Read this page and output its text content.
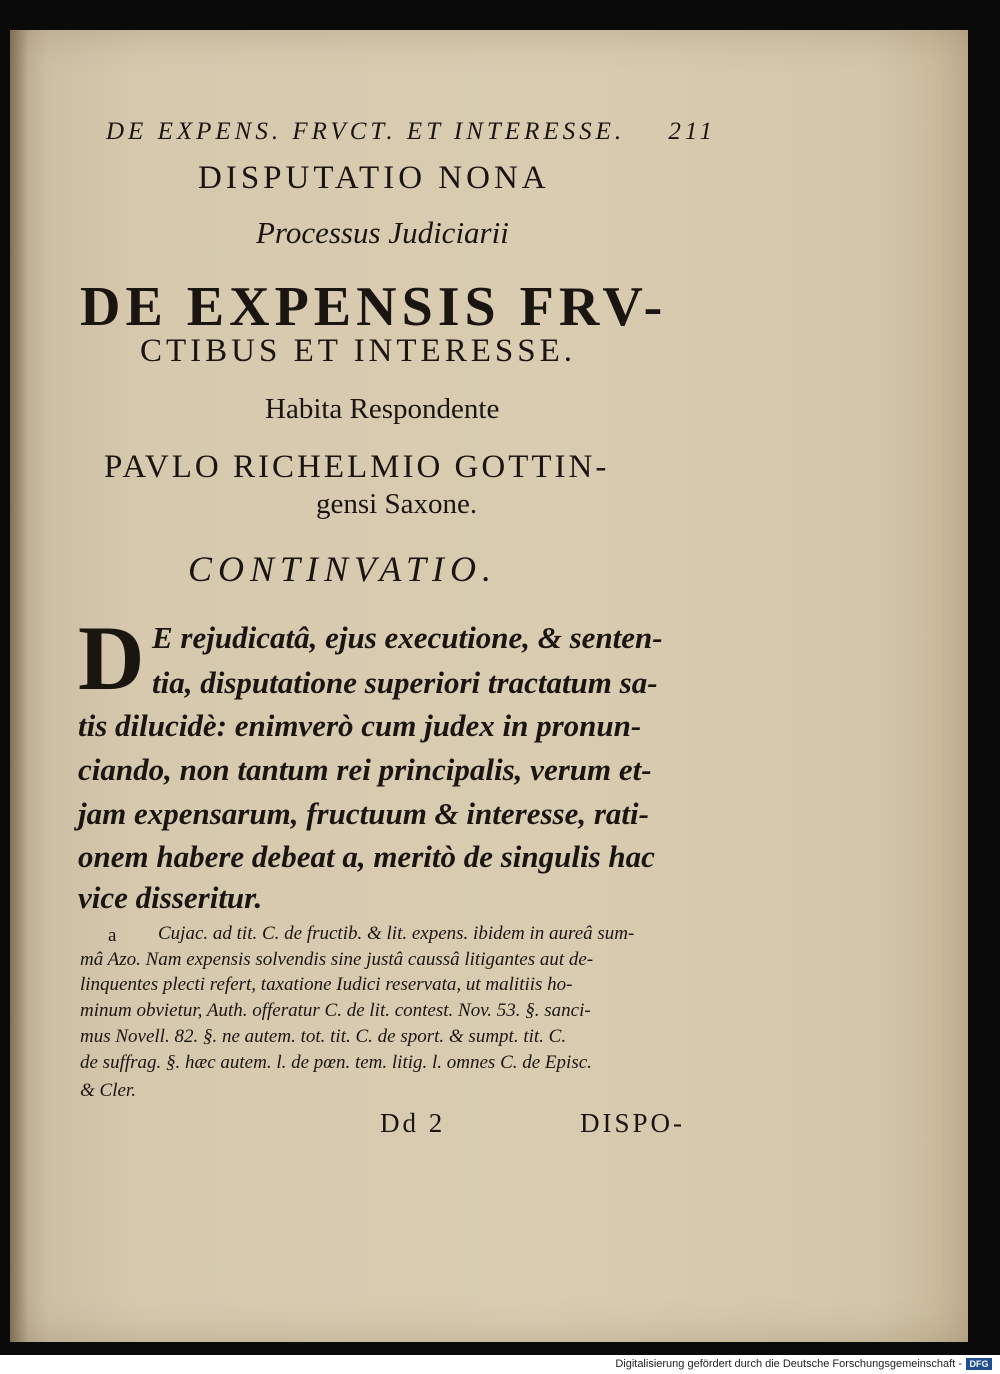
DE EXPENS. FRVCT. ET INTERESSE. 211
DISPUTATIO NONA
Processus Judiciarii
DE EXPENSIS FRV-
CTIBUS ET INTERESSE.
Habita Respondente
PAVLO RICHELMIO GOTTIN-
gensi Saxone.
CONTINVATIO.
D E rejudicatâ, ejus executione, & senten-
tia, disputatione superiori tractatum sa-
tis dilucidè: enimverò cum judex in pronun-
ciando, non tantum rei principalis, verum et-
jam expensarum, fructuum & interesse, rati-
onem habere debeat a, meritò de singulis hac
vice disseritur.
a Cujac. ad tit. C. de fructib. & lit. expens. ibidem in aureâ sum-
mâ Azo. Nam expensis solvendis sine justâ caussâ litigantes aut de-
linquentes plecti refert, taxatione Iudici reservata, ut malitiis ho-
minum obvietur, Auth. offeratur C. de lit. contest. Nov. 53. §. sanci-
mus Novell. 82. §. ne autem. tot. tit. C. de sport. & sumpt. tit. C.
de suffrag. §. hæc autem. l. de pœn. tem. litig. l. omnes C. de Episc.
& Cler.
Dd 2	DISPO-
Digitalisierung gefördert durch die Deutsche Forschungsgemeinschaft - DFG
